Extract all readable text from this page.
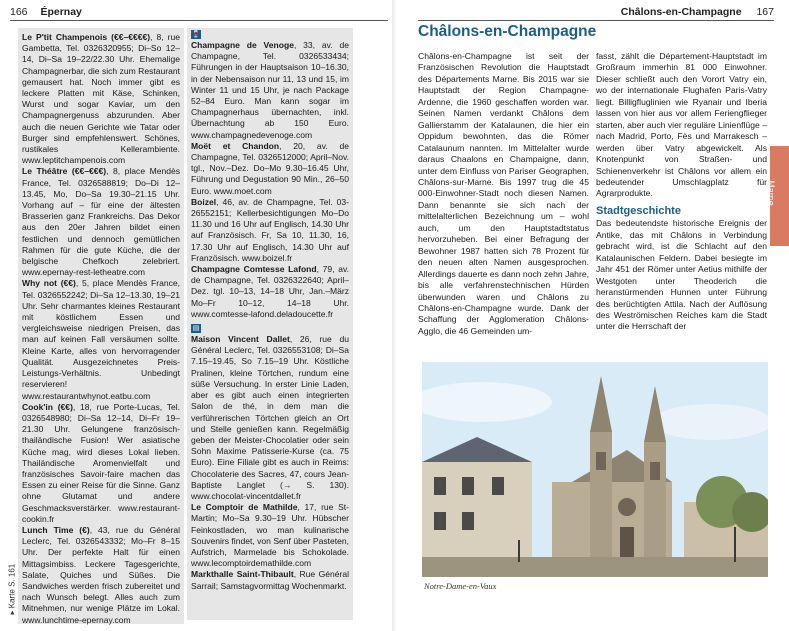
166 Épernay	Châlons-en-Champagne 167
▸ Karte S. 161

Le P'tit Champenois (€€–€€€€), 8, rue Gambetta, Tel. 0326320955; Di–So 12–14, Di–Sa 19–22/22.30 Uhr. Ehemalige Champagnerbar, die sich zum Restaurant gemausert hat. Noch immer gibt es leckere Platten mit Käse, Schinken, Wurst und sogar Kaviar, um den Champagnergenuss abzurunden. Aber auch die neuen Gerichte wie Tatar oder Burger sind empfehlenswert. Schönes, rustikales Kellerambiente. www.leptitchampenois.com

Le Théâtre (€€–€€€), 8, place Mendès France, Tel. 0326588819; Do–Di 12–13.45, Mo, Do–Sa 19.30–21.15 Uhr. Vorhang auf – für eine der ältesten Brasserien ganz Frankreichs. Das Dekor aus den 20er Jahren bildet einen festlichen und dennoch gemütlichen Rahmen für die gute Küche, die der belgische Chefkoch zelebriert. www.epernay-rest-letheatre.com

Why not (€€), 5, place Mendès France, Tel. 0326552242; Di–Sa 12–13.30, 19–21 Uhr. Sehr charmantes kleines Restaurant mit köstlichem Essen und vergleichsweise niedrigen Preisen, das man auf keinen Fall versäumen sollte. Kleine Karte, alles von hervorragender Qualität. Ausgezeichnetes Preis-Leistungs-Verhältnis. Unbedingt reservieren! www.restaurantwhynot.eatbu.com

Cook'in (€€), 18, rue Porte-Lucas, Tel. 0326548980; Di–Sa 12–14, Di–Fr 19–21.30 Uhr. Gelungene französisch-thailändische Fusion! Wer asiatische Küche mag, wird dieses Lokal lieben. Thailändische Aromenvielfalt und französisches Savoir-faire machen das Essen zu einer Reise für die Sinne. Ganz ohne Glutamat und andere Geschmacksverstärker. www.restaurant-cookin.fr

Lunch Time (€), 43, rue du Général Leclerc, Tel. 0326543332; Mo–Fr 8–15 Uhr. Der perfekte Halt für einen Mittagsimbiss. Leckere Tagesgerichte, Salate, Quiches und Süßes. Die Sandwiches werden frisch zubereitet und nach Wunsch belegt. Alles auch zum Mitnehmen, nur wenige Plätze im Lokal. www.lunchtime-epernay.com

🍷

Champagne de Venoge, 33, av. de Champagne, Tel. 0326533434; Führungen in der Hauptsaison 10–16.30, in der Nebensaison nur 11, 13 und 15, im Winter 11 und 15 Uhr, je nach Package 52–84 Euro. Man kann sogar im Champagnerhaus übernachten, inkl. Übernachtung ab 150 Euro. www.champagnedevenoge.com

Moët et Chandon, 20, av. de Champagne, Tel. 0326512000; April–Nov. tgl., Nov.–Dez. Do–Mo 9.30–16.45 Uhr, Führung und Degustation 90 Min., 26–50 Euro. www.moet.com

Boizel, 46, av. de Champagne, Tel. 03-26552151; Kellerbesichtigungen Mo–Do 11.30 und 16 Uhr auf Englisch, 14.30 Uhr auf Französisch. Fr, Sa 10, 11.30, 16, 17.30 Uhr auf Englisch, 14.30 Uhr auf Französisch. www.boizel.fr

Champagne Comtesse Lafond, 79, av. de Champagne, Tel. 0326322640; April–Dez. tgl. 10–13, 14–18 Uhr, Jan.–März Mo–Fr 10–12, 14–18 Uhr. www.comtesse-lafond.deladoucette.fr

▤

Maison Vincent Dallet, 26, rue du Général Leclerc, Tel. 0326553108; Di–Sa 7.15–19.45, So 7.15–19 Uhr. Köstliche Pralinen, kleine Törtchen, rundum eine süße Versuchung. In erster Linie Laden, aber es gibt auch einen integrierten Salon de thé, in dem man die verführerischen Törtchen gleich an Ort und Stelle genießen kann. Regelmäßig geben der Meister-Chocolatier oder sein Sohn Maxime Patisserie-Kurse (ca. 75 Euro). Eine Filiale gibt es auch in Reims: Chocolaterie des Sacres, 47, cours Jean-Baptiste Langlet (→ S. 130). www.chocolat-vincentdallet.fr

Le Comptoir de Mathilde, 17, rue St-Martin; Mo–Sa 9.30–19 Uhr. Hübscher Feinkostladen, wo man kulinarische Souvenirs findet, von Senf über Pasteten, Aufstrich, Marmelade bis Schokolade. www.lecomptoirdemathilde.com

Markthalle Saint-Thibault, Rue Général Sarrail; Samstagvormittag Wochenmarkt.

Châlons-en-Champagne

Châlons-en-Champagne ist seit der Französischen Revolution die Hauptstadt des Départements Marne. Bis 2015 war sie Hauptstadt der Region Champagne-Ardenne, die 1960 geschaffen worden war. Seinen Namen verdankt Châlons dem Gallierstamm der Katalaunen, die hier ein Oppidum bewohnten, das die Römer Catalaunum nannten. Im Mittelalter wurde daraus Chaalons en Champaigne, dann, unter dem Einfluss von Pariser Geographen, Châlons-sur-Marne. Bis 1997 trug die 45 000-Einwohner-Stadt noch diesen Namen. Dann benannte sie sich nach der mittelalterlichen Bezeichnung um – wohl auch, um den Hauptstadtstatus hervorzuheben. Bei einer Befragung der Bewohner 1987 hatten sich 78 Prozent für den neuen alten Namen ausgesprochen. Allerdings dauerte es dann noch zehn Jahre, bis alle verfahrenstechnischen Hürden überwunden waren und Châlons zu Châlons-en-Champagne wurde. Dank der Schaffung der Agglomeration Châlons-Agglo, die 46 Gemeinden um-

fasst, zählt die Département-Hauptstadt im Großraum immerhin 81 000 Einwohner. Dieser schließt auch den Vorort Vatry ein, wo der internationale Flughafen Paris-Vatry liegt. Billigfluglinien wie Ryanair und Iberia lassen von hier aus vor allem Feriengflieger starten, aber auch vier reguläre Linienflüge – nach Madrid, Porto, Fès und Marrakesch – werden über Vatry abgewickelt. Als Knotenpunkt von Straßen- und Schienenverkehr ist Châlons vor allem ein bedeutender Umschlagplatz für Agrarprodukte.

Stadtgeschichte

Das bedeutendste historische Ereignis der Antike, das mit Châlons in Verbindung gebracht wird, ist die Schlacht auf den Katalaunischen Feldern. Dabei besiegte im Jahr 451 der Römer unter Aetius mithilfe der Westgoten unter Theoderich die heranstürmenden Hunnen unter Führung des berüchtigten Attila. Nach der Auflösung des Weströmischen Reiches kam die Stadt unter die Herrschaft der

Marne
Notre-Dame-en-Vaux
